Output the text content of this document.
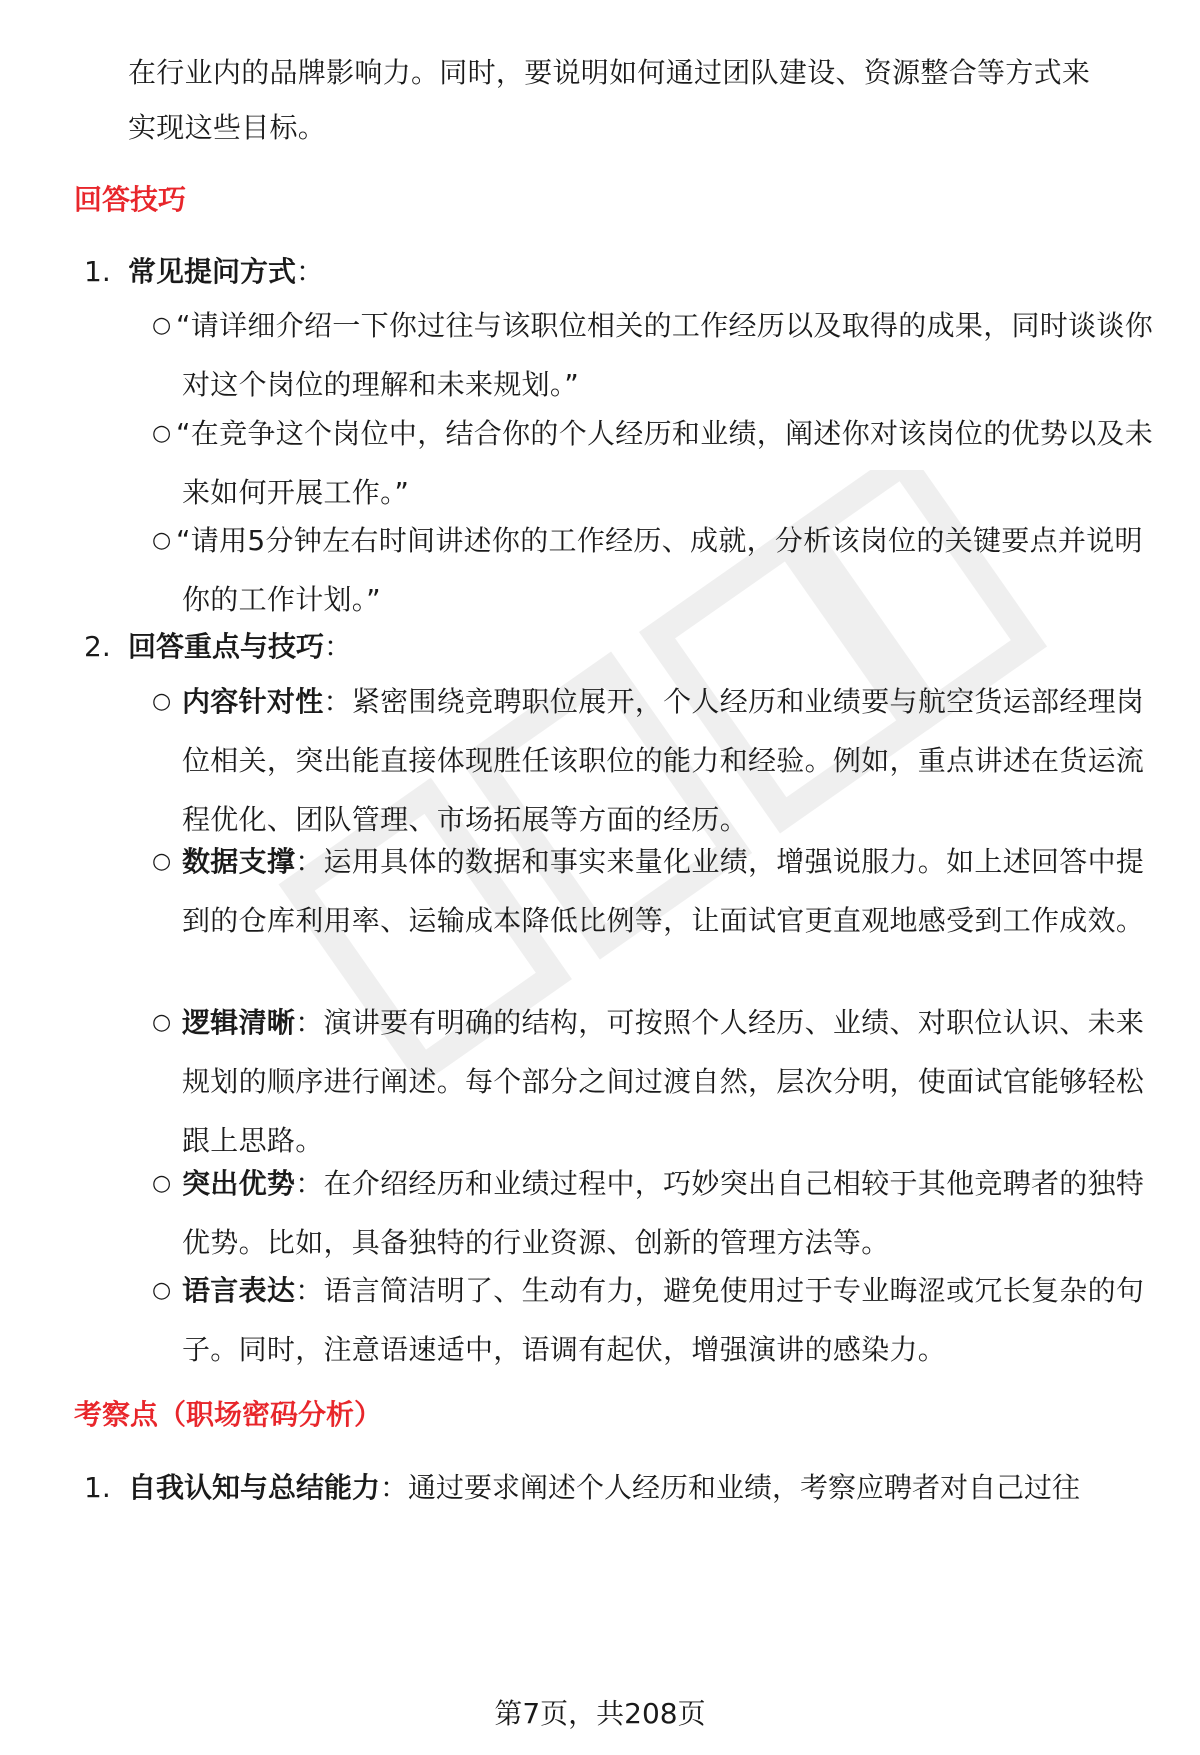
在行业内的品牌影响力。同时，要说明如何通过团队建设、资源整合等方式来
实现这些目标。
回答技巧
1. 常见提问方式：
○ “请详细介绍一下你过往与该职位相关的工作经历以及取得的成果，同时谈谈你对这个岗位的理解和未来规划。”
○ “在竞争这个岗位中，结合你的个人经历和业绩，阐述你对该岗位的优势以及未来如何开展工作。”
○ “请用5分钟左右时间讲述你的工作经历、成就，分析该岗位的关键要点并说明你的工作计划。”
2. 回答重点与技巧：
○ 内容针对性：紧密围绕竞聘职位展开，个人经历和业绩要与航空货运部经理岗位相关，突出能直接体现胜任该职位的能力和经验。例如，重点讲述在货运流程优化、团队管理、市场拓展等方面的经历。
○ 数据支撑：运用具体的数据和事实来量化业绩，增强说服力。如上述回答中提到的仓库利用率、运输成本降低比例等，让面试官更直观地感受到工作成效。
○ 逻辑清晰：演讲要有明确的结构，可按照个人经历、业绩、对职位认识、未来规划的顺序进行阐述。每个部分之间过渡自然，层次分明，使面试官能够轻松跟上思路。
○ 突出优势：在介绍经历和业绩过程中，巧妙突出自己相较于其他竞聘者的独特优势。比如，具备独特的行业资源、创新的管理方法等。
○ 语言表达：语言简洁明了、生动有力，避免使用过于专业晦涩或冗长复杂的句子。同时，注意语速适中，语调有起伏，增强演讲的感染力。
考察点（职场密码分析）
1. 自我认知与总结能力：通过要求阐述个人经历和业绩，考察应聘者对自己过往
第7页，共208页
